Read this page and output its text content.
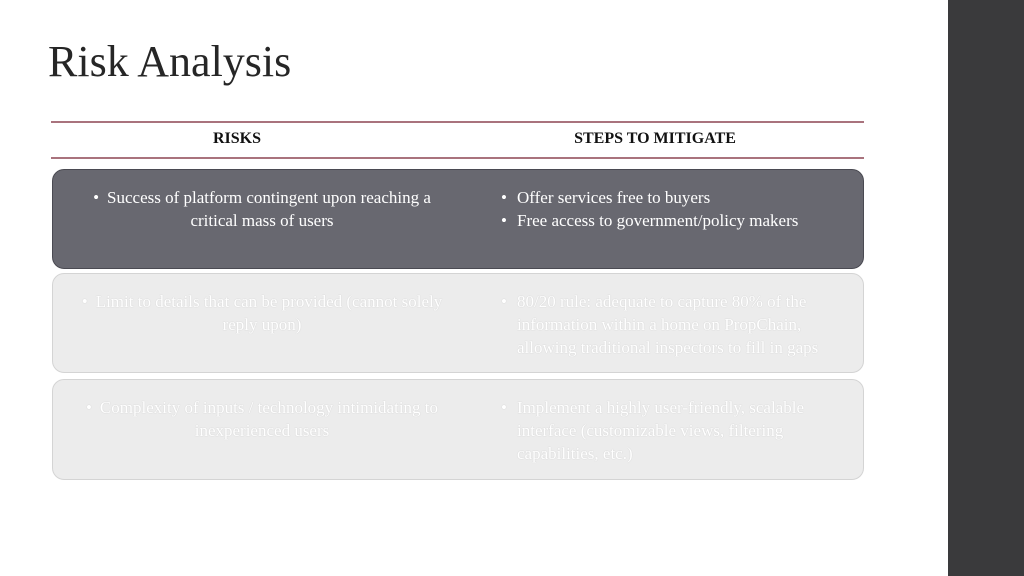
Risk Analysis
RISKS	STEPS TO MITIGATE
• Success of platform contingent upon reaching a critical mass of users
• Offer services free to buyers
• Free access to government/policy makers
• Limit to details that can be provided (cannot solely reply upon)
• 80/20 rule: adequate to capture 80% of the information within a home on PropChain, allowing traditional inspectors to fill in gaps
• Complexity of inputs / technology intimidating to inexperienced users
• Implement a highly user-friendly, scalable interface (customizable views, filtering capabilities, etc.)
